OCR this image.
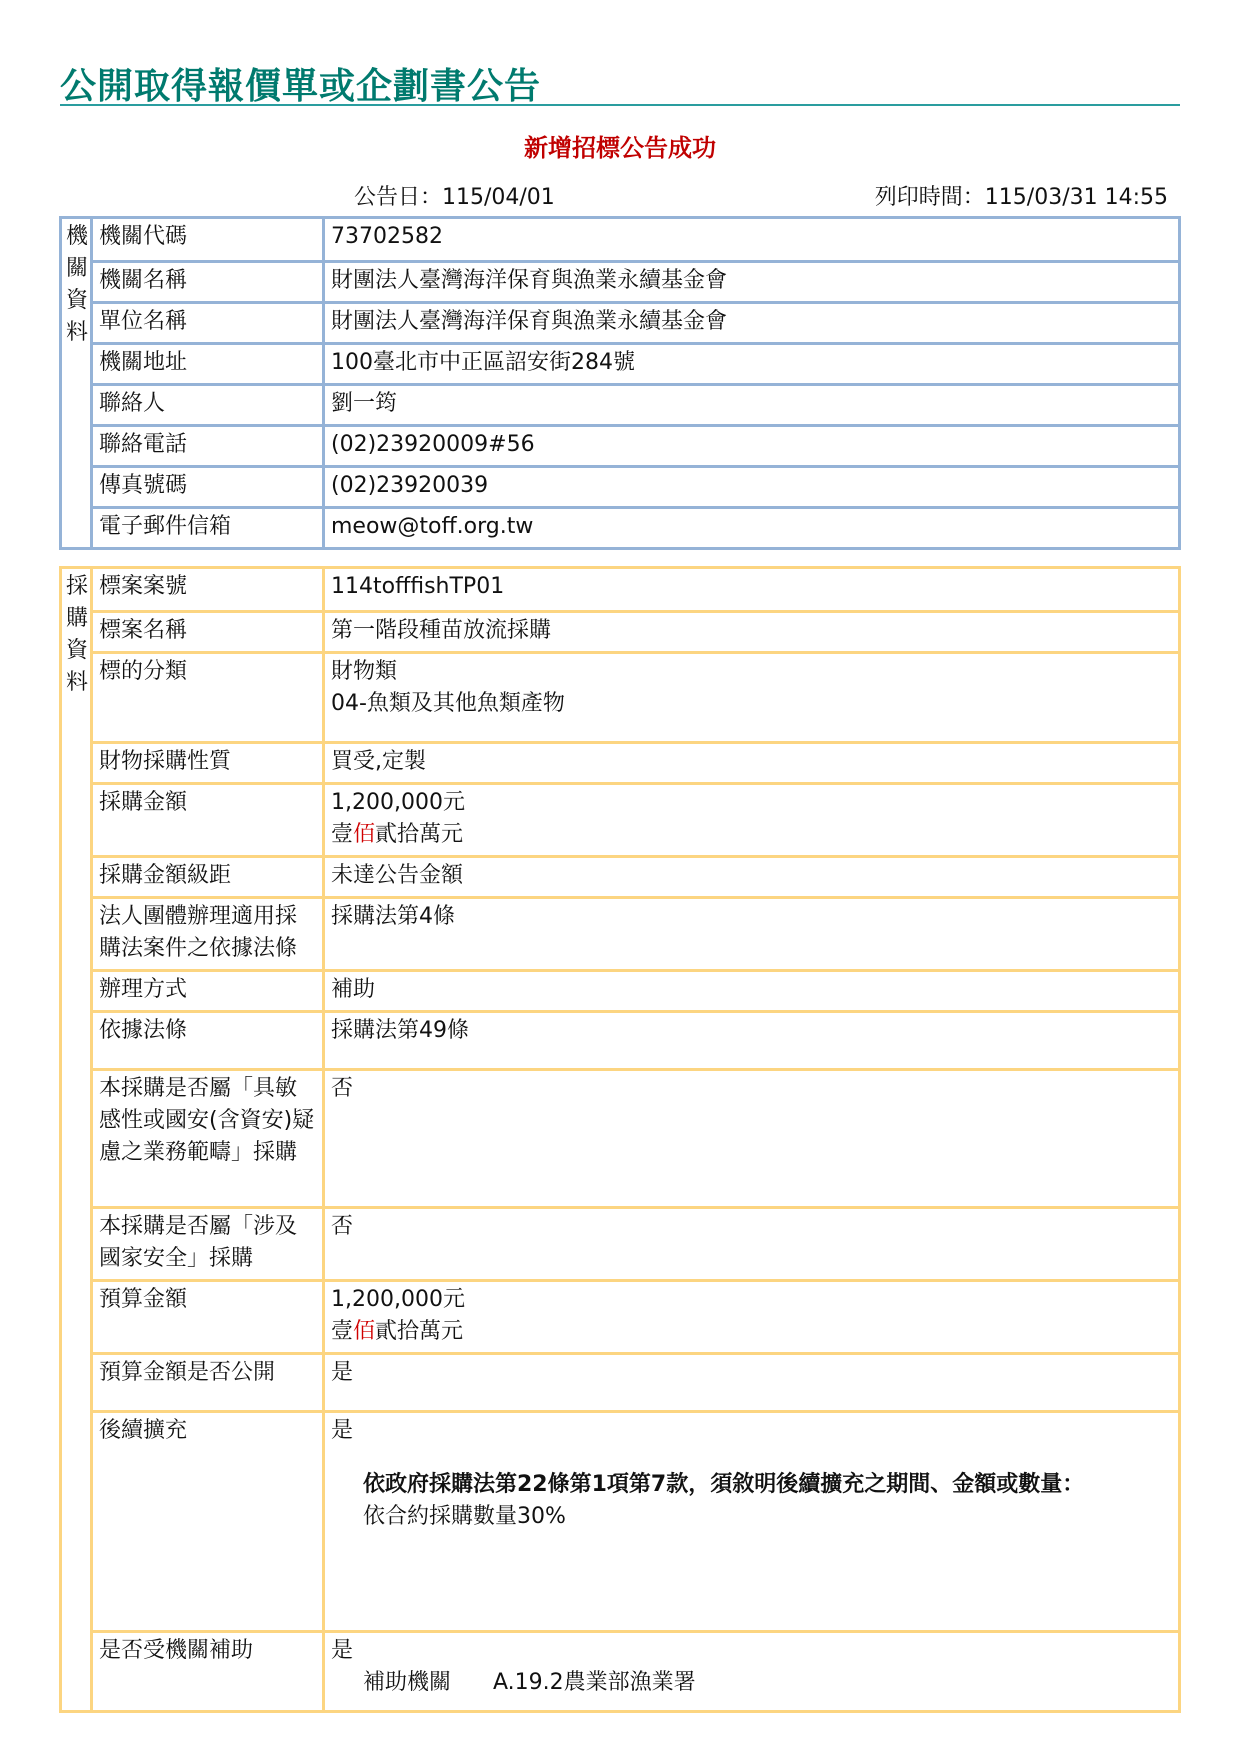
公開取得報價單或企劃書公告
新增招標公告成功
公告日：115/04/01	列印時間：115/03/31 14:55
機
關
資
料	機關代碼	73702582
	機關名稱	財團法人臺灣海洋保育與漁業永續基金會
	單位名稱	財團法人臺灣海洋保育與漁業永續基金會
	機關地址	100臺北市中正區詔安街284號
	聯絡人	劉一筠
	聯絡電話	(02)23920009#56
	傳真號碼	(02)23920039
	電子郵件信箱	meow@toff.org.tw
採
購
資
料	標案案號	114tofffishTP01
	標案名稱	第一階段種苗放流採購
	標的分類	財物類
04-魚類及其他魚類產物

	財物採購性質	買受,定製
	採購金額	1,200,000元
壹佰貳拾萬元

	採購金額級距	未達公告金額
	法人團體辦理適用採購法案件之依據法條	採購法第4條
	辦理方式	補助
	依據法條	採購法第49條
	本採購是否屬「具敏感性或國安(含資安)疑慮之業務範疇」採購	否
	本採購是否屬「涉及國家安全」採購	否
	預算金額	1,200,000元
壹佰貳拾萬元

	預算金額是否公開	是
	後續擴充	是
依政府採購法第22條第1項第7款，須敘明後續擴充之期間、金額或數量：
依合約採購數量30%

	是否受機關補助	是
補助機關 A.19.2農業部漁業署
